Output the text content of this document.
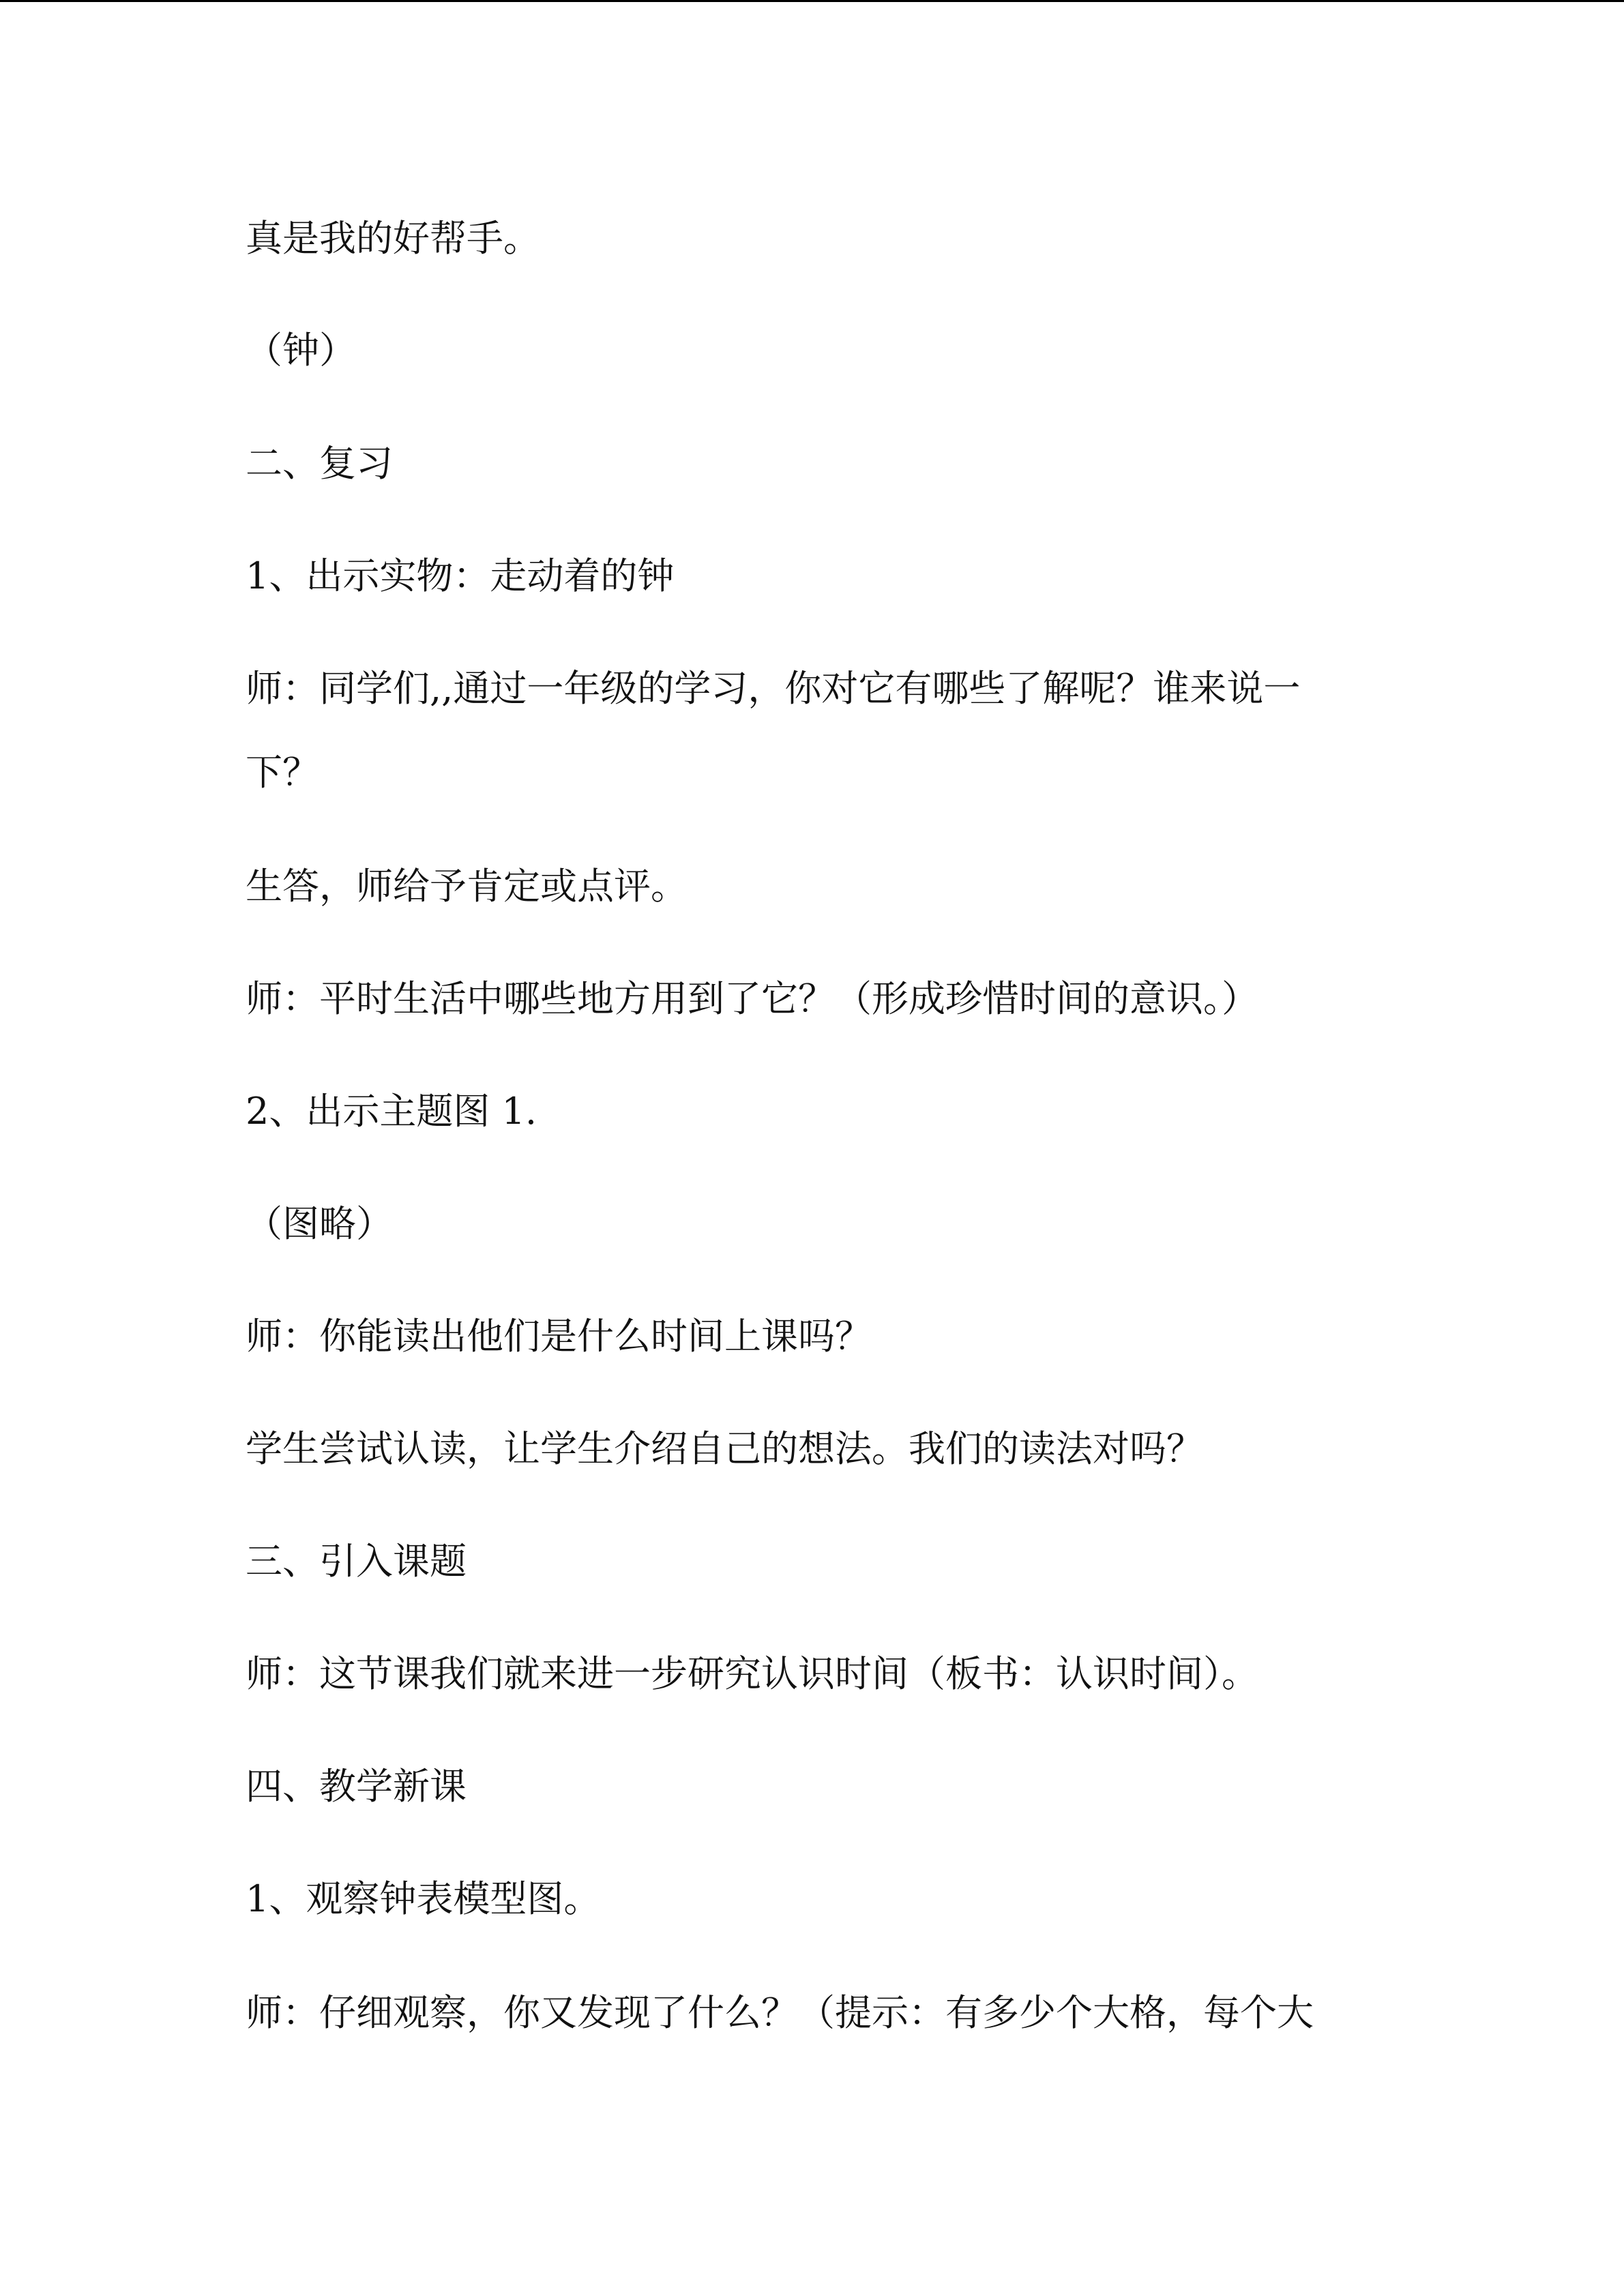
真是我的好帮手。
（钟）
二、复习
1、出示实物：走动着的钟
师：同学们,,通过一年级的学习，你对它有哪些了解呢？谁来说一
下？
生答，师给予肯定或点评。
师：平时生活中哪些地方用到了它？（形成珍惜时间的意识。）
2、出示主题图 1.
（图略）
师：你能读出他们是什么时间上课吗？
学生尝试认读，让学生介绍自己的想法。我们的读法对吗？
三、引入课题
师：这节课我们就来进一步研究认识时间（板书：认识时间）。
四、教学新课
1、观察钟表模型图。
师：仔细观察，你又发现了什么？（提示：有多少个大格，每个大
